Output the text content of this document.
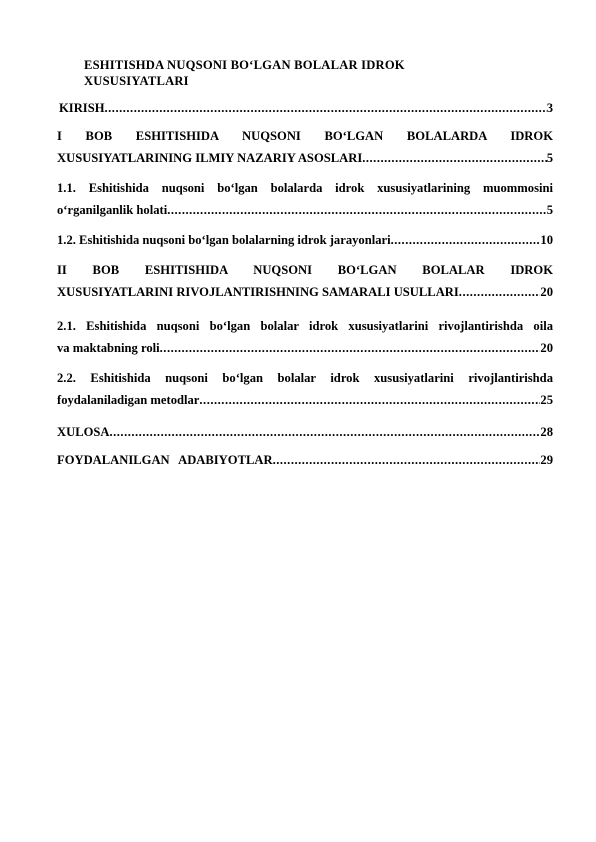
ESHITISHDA NUQSONI BO‘LGAN BOLALAR IDROK
XUSUSIYATLARI
KIRISH .....	3
I BOB ESHITISHIDA NUQSONI BO‘LGAN BOLALARDA IDROK
XUSUSIYATLARINING ILMIY NAZARIY ASOSLARI .....	5
1.1. Eshitishida nuqsoni bo‘lgan bolalarda idrok xususiyatlarining muommosini
o‘rganilganlik holati .....	5
1.2. Eshitishida nuqsoni bo‘lgan bolalarning idrok jarayonlari .....	10
II BOB ESHITISHIDA NUQSONI BO‘LGAN BOLALAR IDROK
XUSUSIYATLARINI RIVOJLANTIRISHNING SAMARALI USULLARI .....	20
2.1. Eshitishida nuqsoni bo‘lgan bolalar idrok xususiyatlarini rivojlantirishda oila
va maktabning roli .....	20
2.2. Eshitishida nuqsoni bo‘lgan bolalar idrok xususiyatlarini rivojlantirishda
foydalaniladigan metodlar .....	25
XULOSA .....	28
FOYDALANILGAN ADABIYOTLAR .....	29
